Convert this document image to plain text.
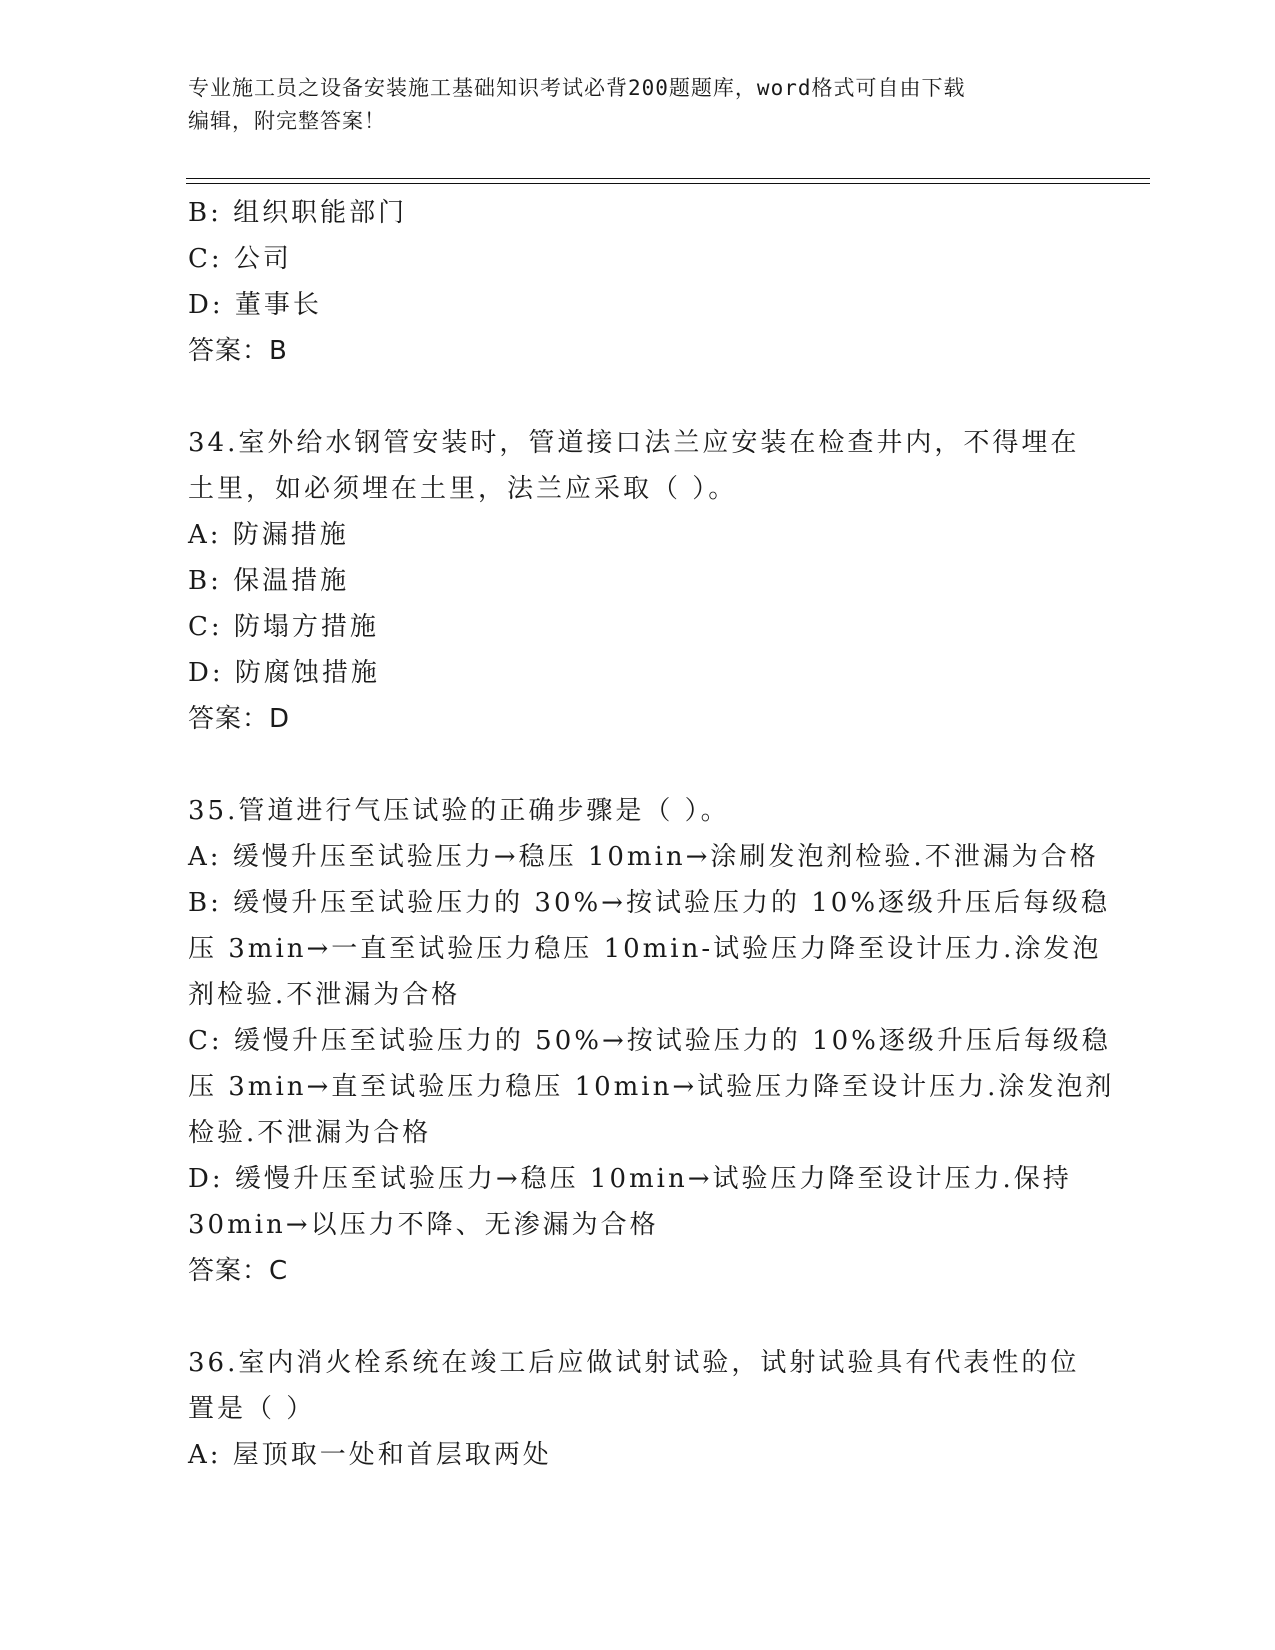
专业施工员之设备安装施工基础知识考试必背200题题库，word格式可自由下载
编辑，附完整答案！
B: 组织职能部门
C: 公司
D: 董事长
答案：B
34.室外给水钢管安装时，管道接口法兰应安装在检查井内，不得埋在
土里，如必须埋在土里，法兰应采取（ ）。
A: 防漏措施
B: 保温措施
C: 防塌方措施
D: 防腐蚀措施
答案：D
35.管道进行气压试验的正确步骤是（ ）。
A: 缓慢升压至试验压力→稳压 10min→涂刷发泡剂检验.不泄漏为合格
B: 缓慢升压至试验压力的 30%→按试验压力的 10%逐级升压后每级稳
压 3min→一直至试验压力稳压 10min-试验压力降至设计压力.涂发泡
剂检验.不泄漏为合格
C: 缓慢升压至试验压力的 50%→按试验压力的 10%逐级升压后每级稳
压 3min→直至试验压力稳压 10min→试验压力降至设计压力.涂发泡剂
检验.不泄漏为合格
D: 缓慢升压至试验压力→稳压 10min→试验压力降至设计压力.保持
30min→以压力不降、无渗漏为合格
答案：C
36.室内消火栓系统在竣工后应做试射试验，试射试验具有代表性的位
置是（ ）
A: 屋顶取一处和首层取两处
